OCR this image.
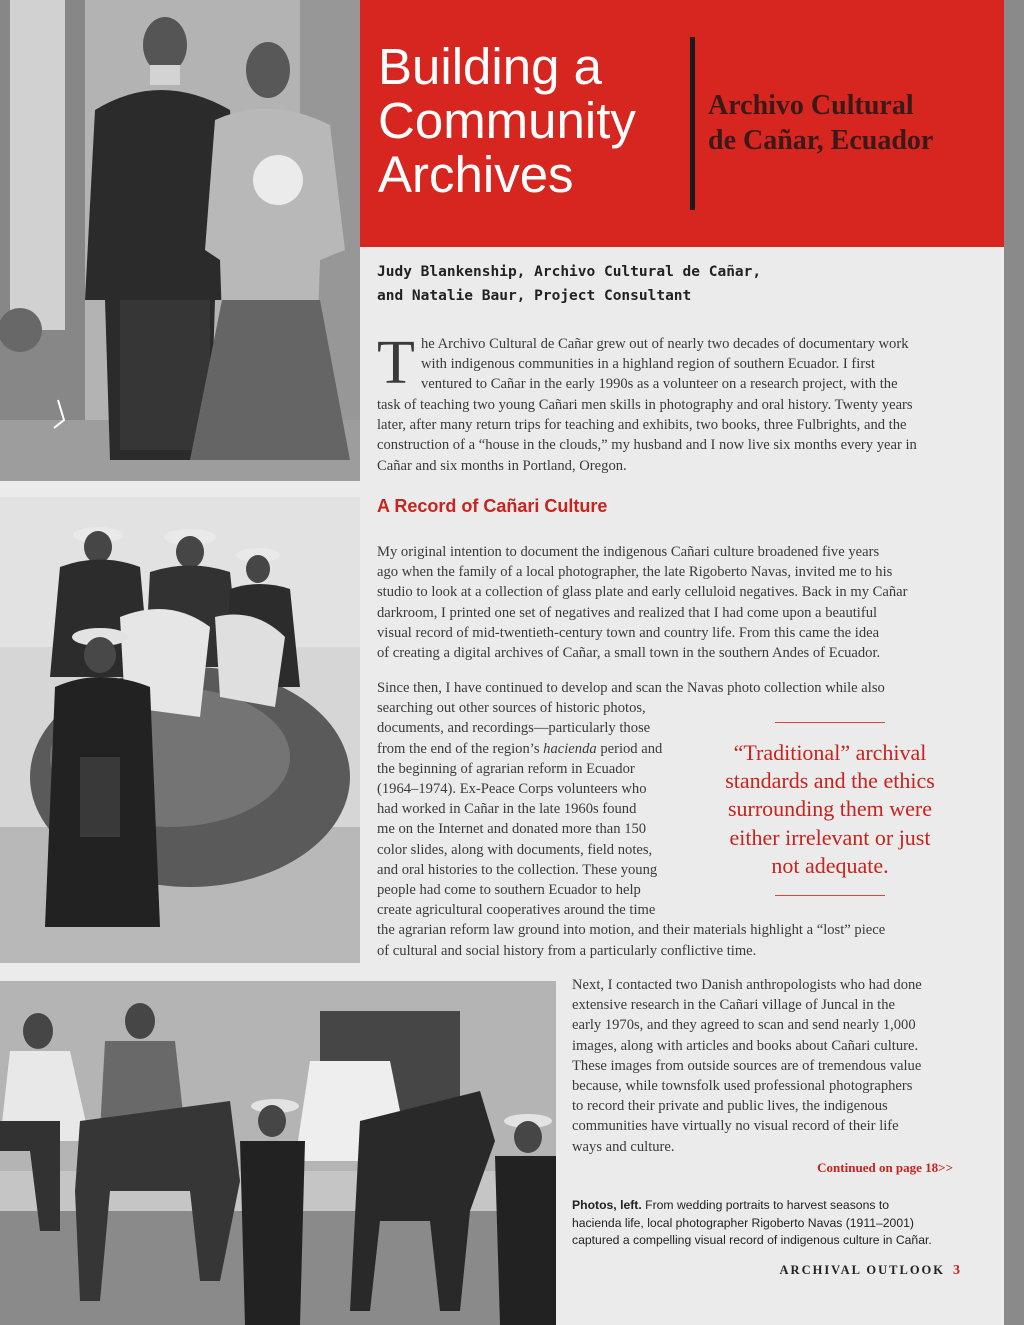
Building a
Community
Archives
Archivo Cultural
de Cañar, Ecuador
Judy Blankenship, Archivo Cultural de Cañar,
and Natalie Baur, Project Consultant
T he Archivo Cultural de Cañar grew out of nearly two decades of documentary work
with indigenous communities in a highland region of southern Ecuador. I first
ventured to Cañar in the early 1990s as a volunteer on a research project, with the

task of teaching two young Cañari men skills in photography and oral history. Twenty years
later, after many return trips for teaching and exhibits, two books, three Fulbrights, and the
construction of a “house in the clouds,” my husband and I now live six months every year in
Cañar and six months in Portland, Oregon.

A Record of Cañari Culture

My original intention to document the indigenous Cañari culture broadened five years
ago when the family of a local photographer, the late Rigoberto Navas, invited me to his
studio to look at a collection of glass plate and early celluloid negatives. Back in my Cañar
darkroom, I printed one set of negatives and realized that I had come upon a beautiful
visual record of mid-twentieth-century town and country life. From this came the idea
of creating a digital archives of Cañar, a small town in the southern Andes of Ecuador.

Since then, I have continued to develop and scan the Navas photo collection while also
searching out other sources of historic photos,
documents, and recordings—particularly those
from the end of the region’s hacienda period and
the beginning of agrarian reform in Ecuador
(1964–1974). Ex-Peace Corps volunteers who
had worked in Cañar in the late 1960s found
me on the Internet and donated more than 150
color slides, along with documents, field notes,
and oral histories to the collection. These young
people had come to southern Ecuador to help
create agricultural cooperatives around the time
the agrarian reform law ground into motion, and their materials highlight a “lost” piece
of cultural and social history from a particularly conflictive time.

“Traditional” archival
standards and the ethics
surrounding them were
either irrelevant or just
not adequate.

Next, I contacted two Danish anthropologists who had done
extensive research in the Cañari village of Juncal in the
early 1970s, and they agreed to scan and send nearly 1,000
images, along with articles and books about Cañari culture.
These images from outside sources are of tremendous value
because, while townsfolk used professional photographers
to record their private and public lives, the indigenous
communities have virtually no visual record of their life
ways and culture.

Continued on page 18>>
Photos, left. From wedding portraits to harvest seasons to
hacienda life, local photographer Rigoberto Navas (1911–2001)
captured a compelling visual record of indigenous culture in Cañar.
ARCHIVAL OUTLOOK 3
